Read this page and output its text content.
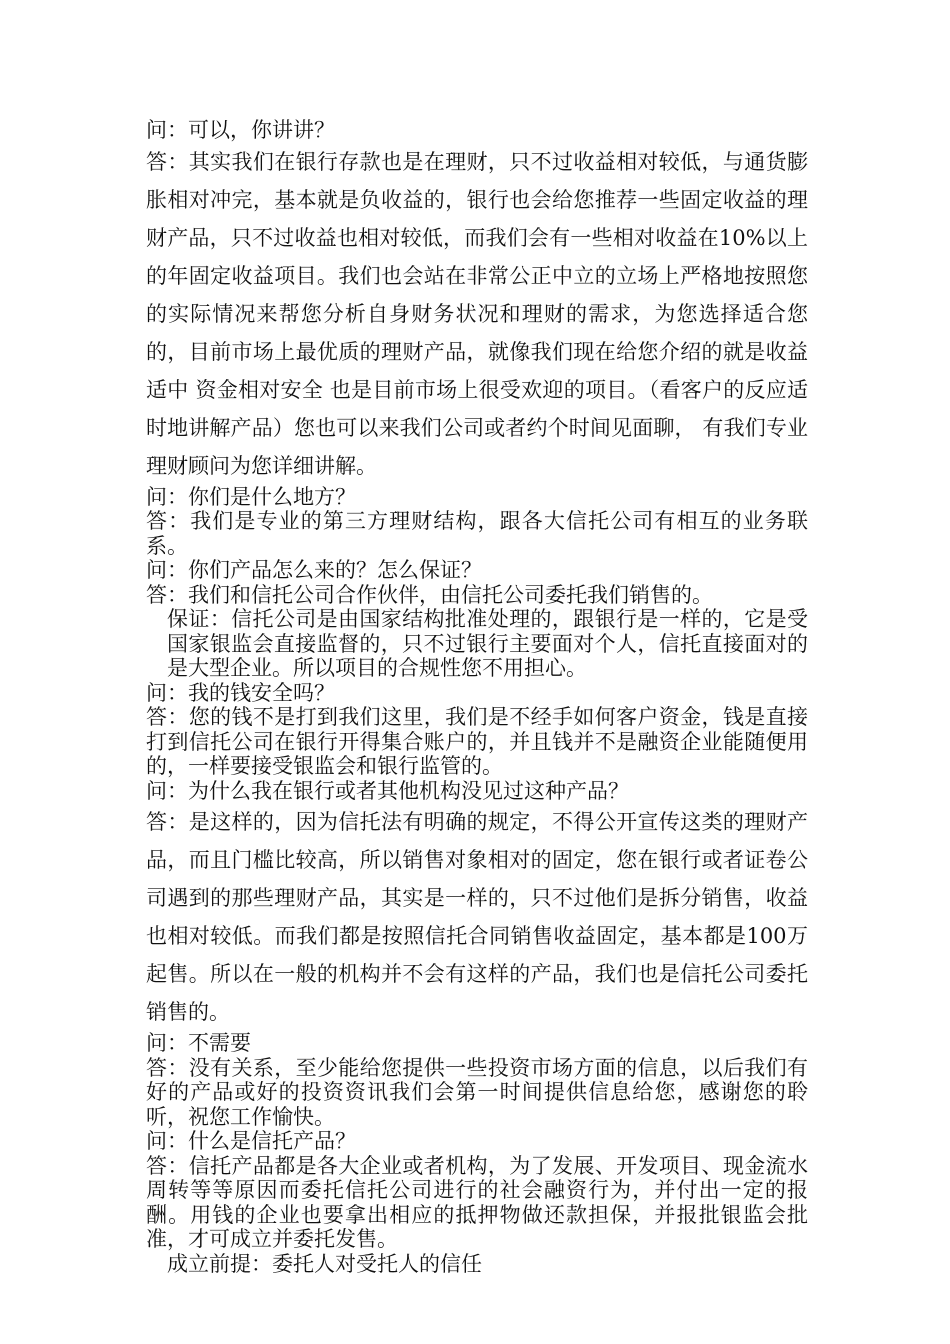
问：可以，你讲讲？

答：其实我们在银行存款也是在理财，只不过收益相对较低，与通货膨胀相对冲完，基本就是负收益的，银行也会给您推荐一些固定收益的理财产品，只不过收益也相对较低，而我们会有一些相对收益在10%以上的年固定收益项目。我们也会站在非常公正中立的立场上严格地按照您的实际情况来帮您分析自身财务状况和理财的需求，为您选择适合您的，目前市场上最优质的理财产品，就像我们现在给您介绍的就是收益适中 资金相对安全 也是目前市场上很受欢迎的项目。（看客户的反应适时地讲解产品）您也可以来我们公司或者约个时间见面聊， 有我们专业理财顾问为您详细讲解。

问：你们是什么地方？

答：我们是专业的第三方理财结构，跟各大信托公司有相互的业务联系。

问：你们产品怎么来的？怎么保证？

答：我们和信托公司合作伙伴，由信托公司委托我们销售的。

保证：信托公司是由国家结构批准处理的，跟银行是一样的，它是受国家银监会直接监督的，只不过银行主要面对个人，信托直接面对的是大型企业。所以项目的合规性您不用担心。

问：我的钱安全吗？

答：您的钱不是打到我们这里，我们是不经手如何客户资金，钱是直接打到信托公司在银行开得集合账户的，并且钱并不是融资企业能随便用的，一样要接受银监会和银行监管的。

问：为什么我在银行或者其他机构没见过这种产品？

答：是这样的，因为信托法有明确的规定，不得公开宣传这类的理财产品，而且门槛比较高，所以销售对象相对的固定，您在银行或者证卷公司遇到的那些理财产品，其实是一样的，只不过他们是拆分销售，收益也相对较低。而我们都是按照信托合同销售收益固定，基本都是100万起售。所以在一般的机构并不会有这样的产品，我们也是信托公司委托销售的。

问：不需要

答：没有关系，至少能给您提供一些投资市场方面的信息，以后我们有好的产品或好的投资资讯我们会第一时间提供信息给您，感谢您的聆听，祝您工作愉快。

问：什么是信托产品？

答：信托产品都是各大企业或者机构，为了发展、开发项目、现金流水周转等等原因而委托信托公司进行的社会融资行为，并付出一定的报酬。用钱的企业也要拿出相应的抵押物做还款担保，并报批银监会批准，才可成立并委托发售。

成立前提：委托人对受托人的信任
